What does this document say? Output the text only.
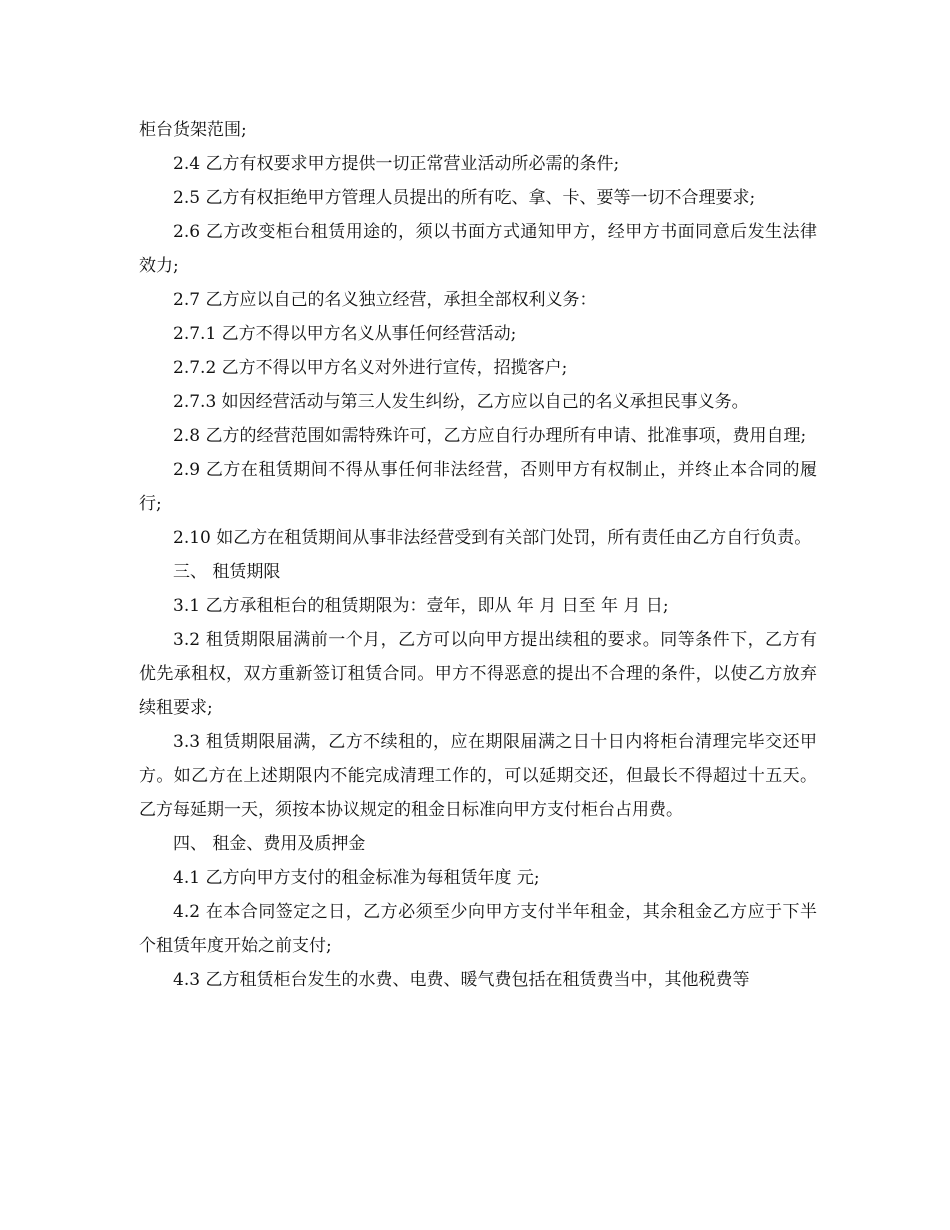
柜台货架范围;

2.4 乙方有权要求甲方提供一切正常营业活动所必需的条件;

2.5 乙方有权拒绝甲方管理人员提出的所有吃、拿、卡、要等一切不合理要求;

2.6 乙方改变柜台租赁用途的，须以书面方式通知甲方，经甲方书面同意后发生法律效力;

2.7 乙方应以自己的名义独立经营，承担全部权利义务：

2.7.1 乙方不得以甲方名义从事任何经营活动;

2.7.2 乙方不得以甲方名义对外进行宣传，招揽客户;

2.7.3 如因经营活动与第三人发生纠纷，乙方应以自己的名义承担民事义务。

2.8 乙方的经营范围如需特殊许可，乙方应自行办理所有申请、批准事项，费用自理;

2.9 乙方在租赁期间不得从事任何非法经营，否则甲方有权制止，并终止本合同的履行;

2.10 如乙方在租赁期间从事非法经营受到有关部门处罚，所有责任由乙方自行负责。

三、 租赁期限

3.1 乙方承租柜台的租赁期限为：壹年，即从 年 月 日至 年 月 日;

3.2 租赁期限届满前一个月，乙方可以向甲方提出续租的要求。同等条件下，乙方有优先承租权，双方重新签订租赁合同。甲方不得恶意的提出不合理的条件，以使乙方放弃续租要求;

3.3 租赁期限届满，乙方不续租的，应在期限届满之日十日内将柜台清理完毕交还甲方。如乙方在上述期限内不能完成清理工作的，可以延期交还，但最长不得超过十五天。乙方每延期一天，须按本协议规定的租金日标准向甲方支付柜台占用费。

四、 租金、费用及质押金

4.1 乙方向甲方支付的租金标准为每租赁年度 元;

4.2 在本合同签定之日，乙方必须至少向甲方支付半年租金，其余租金乙方应于下半个租赁年度开始之前支付;

4.3 乙方租赁柜台发生的水费、电费、暖气费包括在租赁费当中，其他税费等
